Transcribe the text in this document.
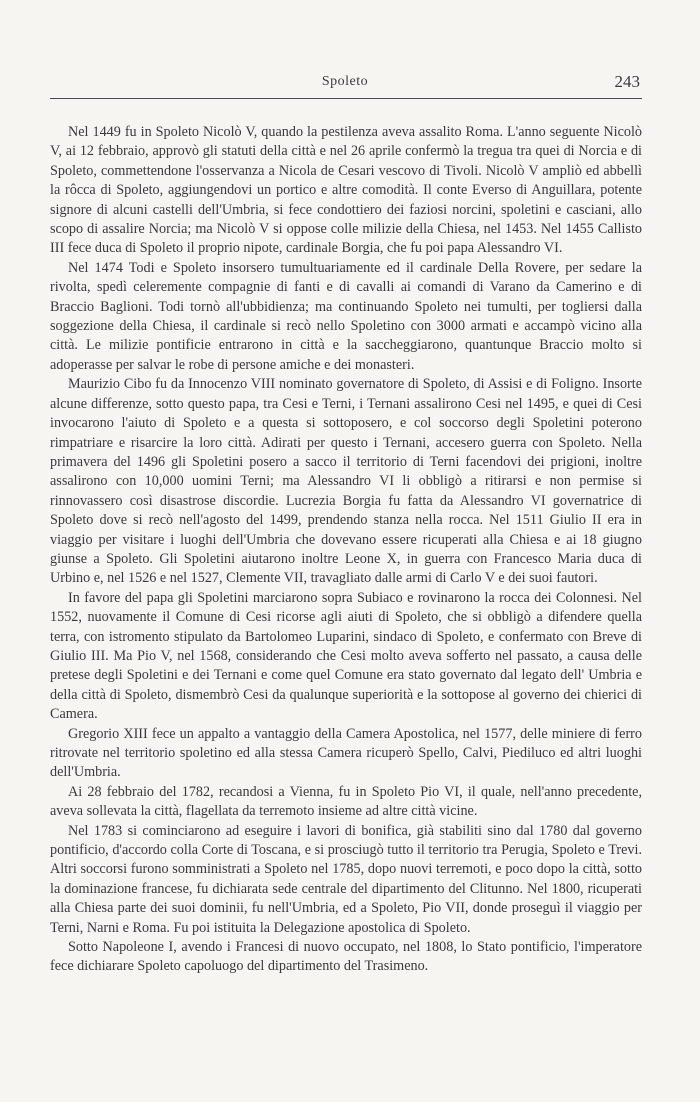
Spoleto	243

Nel 1449 fu in Spoleto Nicolò V, quando la pestilenza aveva assalito Roma. L'anno seguente Nicolò V, ai 12 febbraio, approvò gli statuti della città e nel 26 aprile confermò la tregua tra quei di Norcia e di Spoleto, commettendone l'osservanza a Nicola de Cesari vescovo di Tivoli. Nicolò V ampliò ed abbellì la rôcca di Spoleto, aggiungendovi un portico e altre comodità. Il conte Everso di Anguillara, potente signore di alcuni castelli dell'Umbria, si fece condottiero dei faziosi norcini, spoletini e casciani, allo scopo di assalire Norcia; ma Nicolò V si oppose colle milizie della Chiesa, nel 1453. Nel 1455 Callisto III fece duca di Spoleto il proprio nipote, cardinale Borgia, che fu poi papa Alessandro VI.

Nel 1474 Todi e Spoleto insorsero tumultuariamente ed il cardinale Della Rovere, per sedare la rivolta, spedì celeremente compagnie di fanti e di cavalli ai comandi di Varano da Camerino e di Braccio Baglioni. Todi tornò all'ubbidienza; ma continuando Spoleto nei tumulti, per togliersi dalla soggezione della Chiesa, il cardinale si recò nello Spoletino con 3000 armati e accampò vicino alla città. Le milizie pontificie entrarono in città e la saccheggiarono, quantunque Braccio molto si adoperasse per salvar le robe di persone amiche e dei monasteri.

Maurizio Cibo fu da Innocenzo VIII nominato governatore di Spoleto, di Assisi e di Foligno. Insorte alcune differenze, sotto questo papa, tra Cesi e Terni, i Ternani assalirono Cesi nel 1495, e quei di Cesi invocarono l'aiuto di Spoleto e a questa si sottoposero, e col soccorso degli Spoletini poterono rimpatriare e risarcire la loro città. Adirati per questo i Ternani, accesero guerra con Spoleto. Nella primavera del 1496 gli Spoletini posero a sacco il territorio di Terni facendovi dei prigioni, inoltre assalirono con 10,000 uomini Terni; ma Alessandro VI li obbligò a ritirarsi e non permise si rinnovassero così disastrose discordie. Lucrezia Borgia fu fatta da Alessandro VI governatrice di Spoleto dove si recò nell'agosto del 1499, prendendo stanza nella rocca. Nel 1511 Giulio II era in viaggio per visitare i luoghi dell'Umbria che dovevano essere ricuperati alla Chiesa e ai 18 giugno giunse a Spoleto. Gli Spoletini aiutarono inoltre Leone X, in guerra con Francesco Maria duca di Urbino e, nel 1526 e nel 1527, Clemente VII, travagliato dalle armi di Carlo V e dei suoi fautori.

In favore del papa gli Spoletini marciarono sopra Subiaco e rovinarono la rocca dei Colonnesi. Nel 1552, nuovamente il Comune di Cesi ricorse agli aiuti di Spoleto, che si obbligò a difendere quella terra, con istromento stipulato da Bartolomeo Luparini, sindaco di Spoleto, e confermato con Breve di Giulio III. Ma Pio V, nel 1568, considerando che Cesi molto aveva sofferto nel passato, a causa delle pretese degli Spoletini e dei Ternani e come quel Comune era stato governato dal legato dell' Umbria e della città di Spoleto, dismembrò Cesi da qualunque superiorità e la sottopose al governo dei chierici di Camera.

Gregorio XIII fece un appalto a vantaggio della Camera Apostolica, nel 1577, delle miniere di ferro ritrovate nel territorio spoletino ed alla stessa Camera ricuperò Spello, Calvi, Piediluco ed altri luoghi dell'Umbria.

Ai 28 febbraio del 1782, recandosi a Vienna, fu in Spoleto Pio VI, il quale, nell'anno precedente, aveva sollevata la città, flagellata da terremoto insieme ad altre città vicine.

Nel 1783 si cominciarono ad eseguire i lavori di bonifica, già stabiliti sino dal 1780 dal governo pontificio, d'accordo colla Corte di Toscana, e si prosciugò tutto il territorio tra Perugia, Spoleto e Trevi. Altri soccorsi furono somministrati a Spoleto nel 1785, dopo nuovi terremoti, e poco dopo la città, sotto la dominazione francese, fu dichiarata sede centrale del dipartimento del Clitunno. Nel 1800, ricuperati alla Chiesa parte dei suoi dominii, fu nell'Umbria, ed a Spoleto, Pio VII, donde proseguì il viaggio per Terni, Narni e Roma. Fu poi istituita la Delegazione apostolica di Spoleto.

Sotto Napoleone I, avendo i Francesi di nuovo occupato, nel 1808, lo Stato pontificio, l'imperatore fece dichiarare Spoleto capoluogo del dipartimento del Trasimeno.
